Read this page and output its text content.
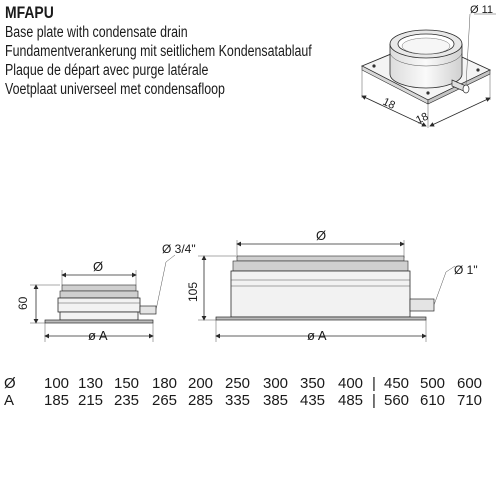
MFAPU
Base plate with condensate drain
Fundamentverankerung mit seitlichem Kondensatablauf
Plaque de départ avec purge latérale
Voetplaat universeel met condensafloop
Ø 11
18
18
Ø
Ø 3/4"
60
ø A
Ø
Ø 1"
105
ø A
Ø
A
100 130 150 180 200 250 300 350 400 | 450 500 600
185 215 235 265 285 335 385 435 485 | 560 610 710
